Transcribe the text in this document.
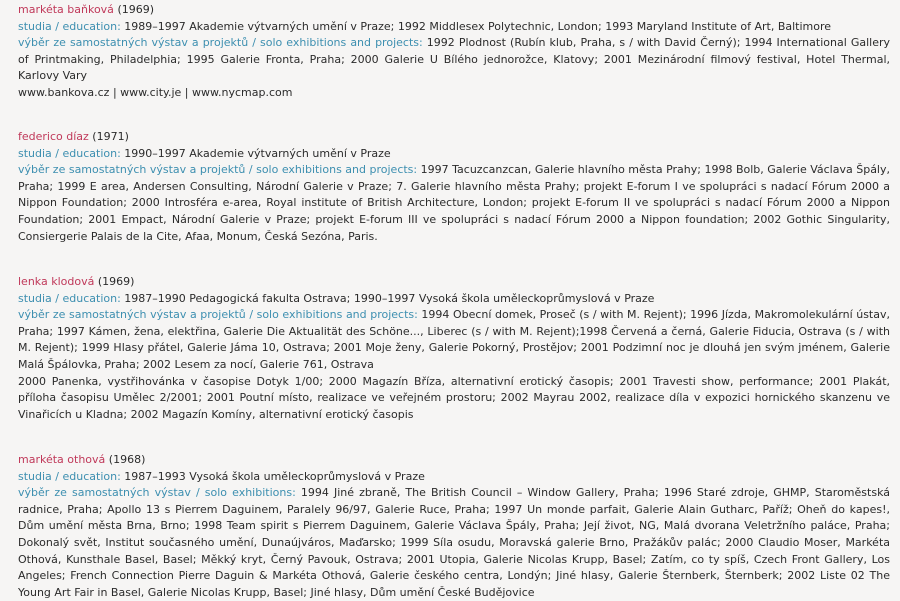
markéta baňková (1969)

studia / education: 1989–1997 Akademie výtvarných umění v Praze; 1992 Middlesex Polytechnic, London; 1993 Maryland Institute of Art, Baltimore

výběr ze samostatných výstav a projektů / solo exhibitions and projects: 1992 Plodnost (Rubín klub, Praha, s / with David Černý); 1994 International Gallery of Printmaking, Philadelphia; 1995 Galerie Fronta, Praha; 2000 Galerie U Bílého jednorožce, Klatovy; 2001 Mezinárodní filmový festival, Hotel Thermal, Karlovy Vary

www.bankova.cz | www.city.je | www.nycmap.com

federico díaz (1971)

studia / education: 1990–1997 Akademie výtvarných umění v Praze

výběr ze samostatných výstav a projektů / solo exhibitions and projects: 1997 Tacuzcanzcan, Galerie hlavního města Prahy; 1998 Bolb, Galerie Václava Špály, Praha; 1999 E area, Andersen Consulting, Národní Galerie v Praze; 7. Galerie hlavního města Prahy; projekt E-forum I ve spolupráci s nadací Fórum 2000 a Nippon Foundation; 2000 Introsféra e-area, Royal institute of British Architecture, London; projekt E-forum II ve spolupráci s nadací Fórum 2000 a Nippon Foundation; 2001 Empact, Národní Galerie v Praze; projekt E-forum III ve spolupráci s nadací Fórum 2000 a Nippon foundation; 2002 Gothic Singularity, Consiergerie Palais de la Cite, Afaa, Monum, Česká Sezóna, Paris.

lenka klodová (1969)

studia / education: 1987–1990 Pedagogická fakulta Ostrava; 1990–1997 Vysoká škola uměleckoprůmyslová v Praze

výběr ze samostatných výstav a projektů / solo exhibitions and projects: 1994 Obecní domek, Proseč (s / with M. Rejent); 1996 Jízda, Makromolekulární ústav, Praha; 1997 Kámen, žena, elektřina, Galerie Die Aktualität des Schöne..., Liberec (s / with M. Rejent);1998 Červená a černá, Galerie Fiducia, Ostrava (s / with M. Rejent); 1999 Hlasy přátel, Galerie Jáma 10, Ostrava; 2001 Moje ženy, Galerie Pokorný, Prostějov; 2001 Podzimní noc je dlouhá jen svým jménem, Galerie Malá Špálovka, Praha; 2002 Lesem za nocí, Galerie 761, Ostrava

2000 Panenka, vystřihovánka v časopise Dotyk 1/00; 2000 Magazín Bříza, alternativní erotický časopis; 2001 Travesti show, performance; 2001 Plakát, příloha časopisu Umělec 2/2001; 2001 Poutní místo, realizace ve veřejném prostoru; 2002 Mayrau 2002, realizace díla v expozici hornického skanzenu ve Vinařicích u Kladna; 2002 Magazín Komíny, alternativní erotický časopis

markéta othová (1968)

studia / education: 1987–1993 Vysoká škola uměleckoprůmyslová v Praze

výběr ze samostatných výstav / solo exhibitions: 1994 Jiné zbraně, The British Council – Window Gallery, Praha; 1996 Staré zdroje, GHMP, Staroměstská radnice, Praha; Apollo 13 s Pierrem Daguinem, Paralely 96/97, Galerie Ruce, Praha; 1997 Un monde parfait, Galerie Alain Gutharc, Paříž; Oheň do kapes!, Dům umění města Brna, Brno; 1998 Team spirit s Pierrem Daguinem, Galerie Václava Špály, Praha; Její život, NG, Malá dvorana Veletržního paláce, Praha; Dokonalý svět, Institut současného umění, Dunaújváros, Maďarsko; 1999 Síla osudu, Moravská galerie Brno, Pražákův palác; 2000 Claudio Moser, Markéta Othová, Kunsthale Basel, Basel; Měkký kryt, Černý Pavouk, Ostrava; 2001 Utopia, Galerie Nicolas Krupp, Basel; Zatím, co ty spíš, Czech Front Gallery, Los Angeles; French Connection Pierre Daguin & Markéta Othová, Galerie českého centra, Londýn; Jiné hlasy, Galerie Šternberk, Šternberk; 2002 Liste 02 The Young Art Fair in Basel, Galerie Nicolas Krupp, Basel; Jiné hlasy, Dům umění České Budějovice
